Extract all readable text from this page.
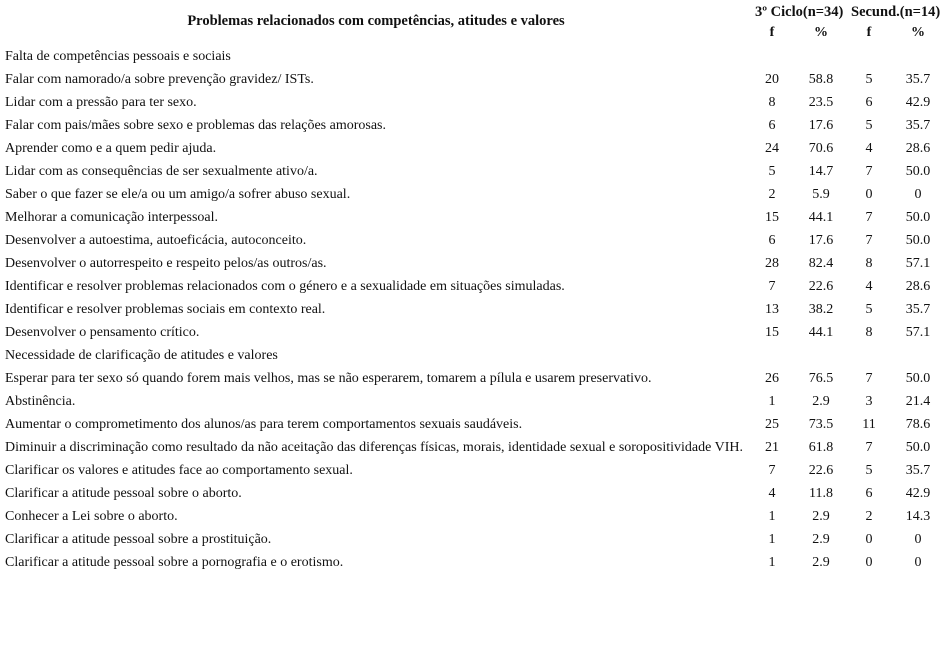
Problemas relacionados com competências, atitudes e valores
3º Ciclo(n=34) Secund.(n=14)
f	%	f	%
Falta de competências pessoais e sociais
Falar com namorado/a sobre prevenção gravidez/ ISTs.	20	58.8	5	35.7
Lidar com a pressão para ter sexo.	8	23.5	6	42.9
Falar com pais/mães sobre sexo e problemas das relações amorosas.	6	17.6	5	35.7
Aprender como e a quem pedir ajuda.	24	70.6	4	28.6
Lidar com as consequências de ser sexualmente ativo/a.	5	14.7	7	50.0
Saber o que fazer se ele/a ou um amigo/a sofrer abuso sexual.	2	5.9	0	0
Melhorar a comunicação interpessoal.	15	44.1	7	50.0
Desenvolver a autoestima, autoeficácia, autoconceito.	6	17.6	7	50.0
Desenvolver o autorrespeito e respeito pelos/as outros/as.	28	82.4	8	57.1
Identificar e resolver problemas relacionados com o género e a sexualidade em situações simuladas.	7	22.6	4	28.6
Identificar e resolver problemas sociais em contexto real.	13	38.2	5	35.7
Desenvolver o pensamento crítico.	15	44.1	8	57.1
Necessidade de clarificação de atitudes e valores
Esperar para ter sexo só quando forem mais velhos, mas se não esperarem, tomarem a pílula e usarem preservativo.	26	76.5	7	50.0
Abstinência.	1	2.9	3	21.4
Aumentar o comprometimento dos alunos/as para terem comportamentos sexuais saudáveis.	25	73.5	11	78.6
Diminuir a discriminação como resultado da não aceitação das diferenças físicas, morais, identidade sexual e soropositividade VIH.	21	61.8	7	50.0
Clarificar os valores e atitudes face ao comportamento sexual.	7	22.6	5	35.7
Clarificar a atitude pessoal sobre o aborto.	4	11.8	6	42.9
Conhecer a Lei sobre o aborto.	1	2.9	2	14.3
Clarificar a atitude pessoal sobre a prostituição.	1	2.9	0	0
Clarificar a atitude pessoal sobre a pornografia e o erotismo.	1	2.9	0	0
